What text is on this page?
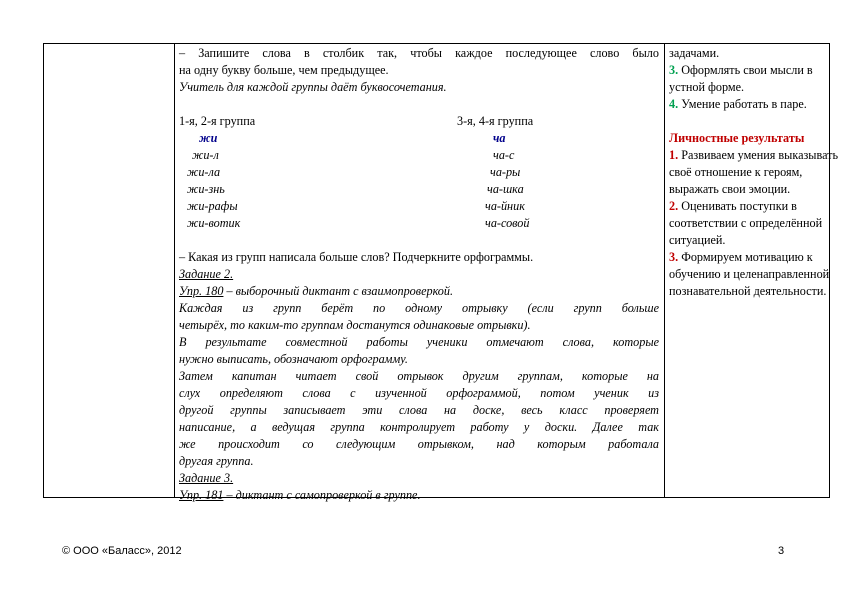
– Запишите слова в столбик так, чтобы каждое последующее слово было
на одну букву больше, чем предыдущее.
Учитель для каждой группы даёт буквосочетания.
1-я, 2-я группа	3-я, 4-я группа
жи
жи-л
жи-ла
жи-знь
жи-рафы
жи-вотик
ча
ча-с
ча-ры
ча-шка
ча-йник
ча-совой
– Какая из групп написала больше слов? Подчеркните орфограммы.
Задание 2.
Упр. 180 – выборочный диктант с взаимопроверкой.
Каждая из групп берёт по одному отрывку (если групп больше
четырёх, то каким-то группам достанутся одинаковые отрывки).
В результате совместной работы ученики отмечают слова, которые
нужно выписать, обозначают орфограмму.
Затем капитан читает свой отрывок другим группам, которые на
слух определяют слова с изученной орфограммой, потом ученик из
другой группы записывает эти слова на доске, весь класс проверяет
написание, а ведущая группа контролирует работу у доски. Далее так
же происходит со следующим отрывком, над которым работала
другая группа.
Задание 3.
Упр. 181 – диктант с самопроверкой в группе.
задачами.
3. Оформлять свои мысли в
устной форме.
4. Умение работать в паре.
Личностные результаты
1. Развиваем умения выказывать
своё отношение к героям,
выражать свои эмоции.
2. Оценивать поступки в
соответствии с определённой
ситуацией.
3. Формируем мотивацию к
обучению и целенаправленной
познавательной деятельности.
© ООО «Баласс», 2012	3
